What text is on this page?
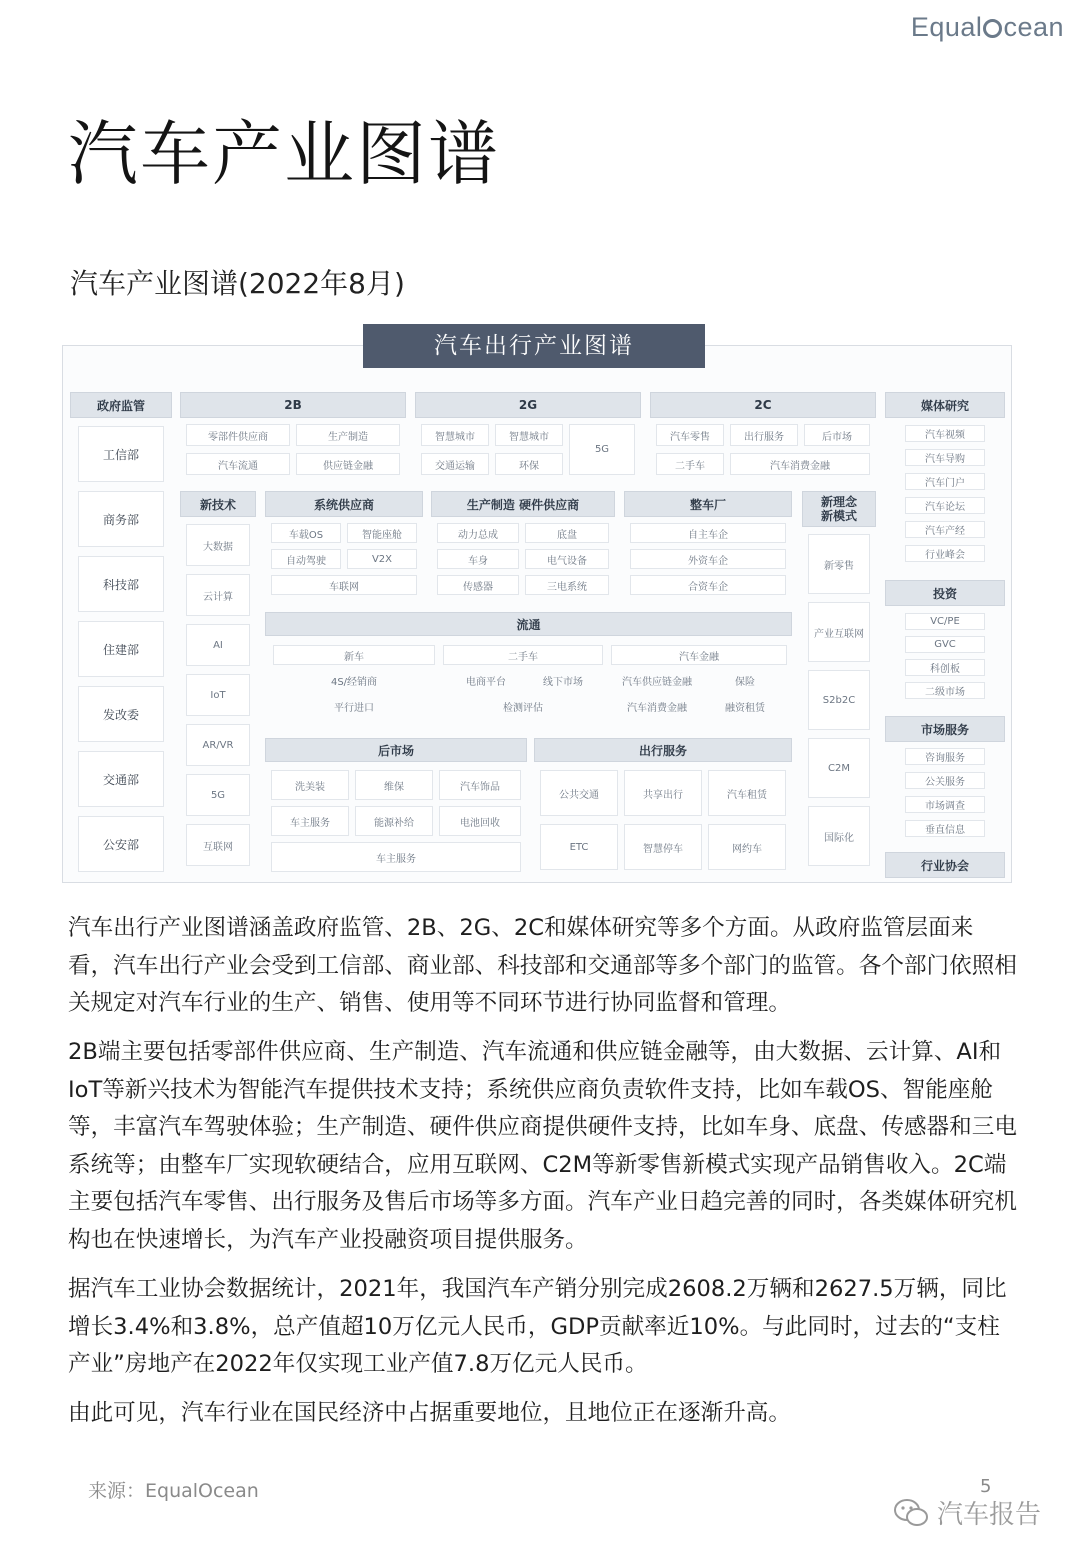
Equal cean
汽车产业图谱
汽车产业图谱(2022年8月)
汽车出行产业图谱
政府监管
工信部
商务部
科技部
住建部
发改委
交通部
公安部
2B
零部件供应商	生产制造
汽车流通	供应链金融
2G
智慧城市	智慧城市
交通运输	环保
5G
2C
汽车零售	出行服务	后市场
二手车	汽车消费金融
媒体研究
汽车视频
汽车导购
汽车门户
汽车论坛
汽车产经
行业峰会
新技术
大数据
云计算
AI
IoT
AR/VR
5G
互联网
系统供应商
车载OS	智能座舱
自动驾驶	V2X
车联网
生产制造 硬件供应商
动力总成	底盘
车身	电气设备
传感器	三电系统
整车厂
自主车企
外资车企
合资车企
新理念
新模式
新零售
产业互联网
S2b2C
C2M
国际化
投资
VC/PE
GVC
科创板
二级市场
流通
新车	二手车	汽车金融
4S/经销商
平行进口
电商平台	线下市场
检测评估
汽车供应链金融	保险
汽车消费金融	融资租赁
市场服务
咨询服务
公关服务
市场调查
垂直信息
后市场
洗美装	维保	汽车饰品
车主服务	能源补给	电池回收
车主服务
出行服务
公共交通	共享出行	汽车租赁
ETC	智慧停车	网约车
行业协会

汽车出行产业图谱涵盖政府监管、2B、2G、2C和媒体研究等多个方面。从政府监管层面来看，汽车出行产业会受到工信部、商业部、科技部和交通部等多个部门的监管。各个部门依照相关规定对汽车行业的生产、销售、使用等不同环节进行协同监督和管理。

2B端主要包括零部件供应商、生产制造、汽车流通和供应链金融等，由大数据、云计算、AI和IoT等新兴技术为智能汽车提供技术支持；系统供应商负责软件支持，比如车载OS、智能座舱等，丰富汽车驾驶体验；生产制造、硬件供应商提供硬件支持，比如车身、底盘、传感器和三电系统等；由整车厂实现软硬结合，应用互联网、C2M等新零售新模式实现产品销售收入。2C端主要包括汽车零售、出行服务及售后市场等多方面。汽车产业日趋完善的同时，各类媒体研究机构也在快速增长，为汽车产业投融资项目提供服务。

据汽车工业协会数据统计，2021年，我国汽车产销分别完成2608.2万辆和2627.5万辆，同比增长3.4%和3.8%，总产值超10万亿元人民币，GDP贡献率近10%。与此同时，过去的“支柱产业”房地产在2022年仅实现工业产值7.8万亿元人民币。

由此可见，汽车行业在国民经济中占据重要地位，且地位正在逐渐升高。

来源：EqualOcean	5
汽车报告
